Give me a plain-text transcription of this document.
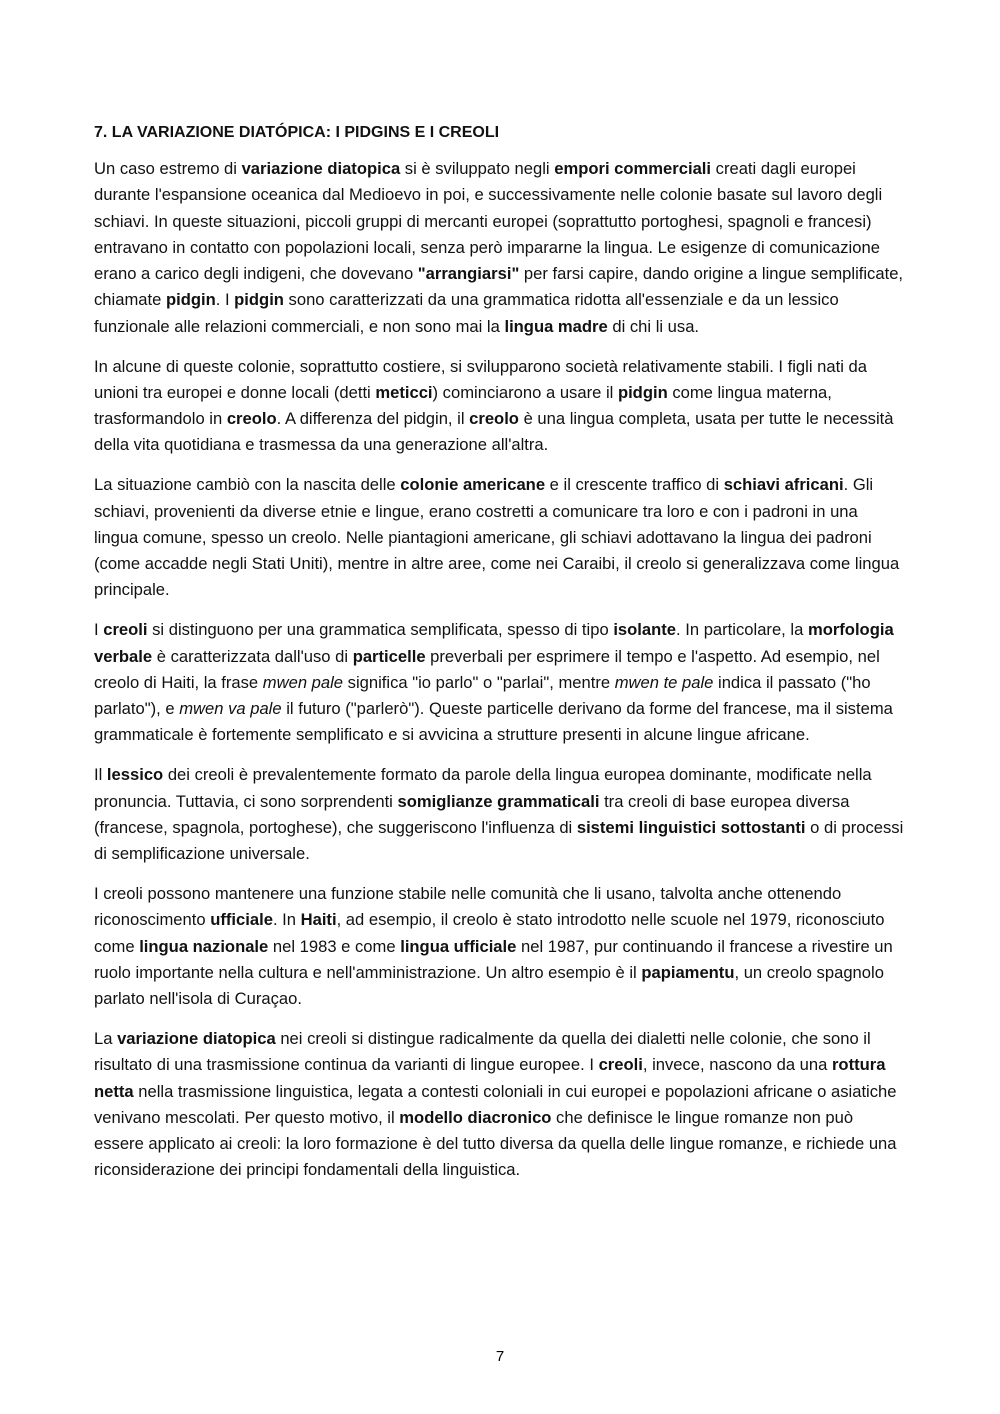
7. LA VARIAZIONE DIATÓPICA: I PIDGINS E I CREOLI
Un caso estremo di variazione diatopica si è sviluppato negli empori commerciali creati dagli europei durante l'espansione oceanica dal Medioevo in poi, e successivamente nelle colonie basate sul lavoro degli schiavi. In queste situazioni, piccoli gruppi di mercanti europei (soprattutto portoghesi, spagnoli e francesi) entravano in contatto con popolazioni locali, senza però impararne la lingua. Le esigenze di comunicazione erano a carico degli indigeni, che dovevano "arrangiarsi" per farsi capire, dando origine a lingue semplificate, chiamate pidgin. I pidgin sono caratterizzati da una grammatica ridotta all'essenziale e da un lessico funzionale alle relazioni commerciali, e non sono mai la lingua madre di chi li usa.
In alcune di queste colonie, soprattutto costiere, si svilupparono società relativamente stabili. I figli nati da unioni tra europei e donne locali (detti meticci) cominciarono a usare il pidgin come lingua materna, trasformandolo in creolo. A differenza del pidgin, il creolo è una lingua completa, usata per tutte le necessità della vita quotidiana e trasmessa da una generazione all'altra.
La situazione cambiò con la nascita delle colonie americane e il crescente traffico di schiavi africani. Gli schiavi, provenienti da diverse etnie e lingue, erano costretti a comunicare tra loro e con i padroni in una lingua comune, spesso un creolo. Nelle piantagioni americane, gli schiavi adottavano la lingua dei padroni (come accadde negli Stati Uniti), mentre in altre aree, come nei Caraibi, il creolo si generalizzava come lingua principale.
I creoli si distinguono per una grammatica semplificata, spesso di tipo isolante. In particolare, la morfologia verbale è caratterizzata dall'uso di particelle preverbali per esprimere il tempo e l'aspetto. Ad esempio, nel creolo di Haiti, la frase mwen pale significa "io parlo" o "parlai", mentre mwen te pale indica il passato ("ho parlato"), e mwen va pale il futuro ("parlerò"). Queste particelle derivano da forme del francese, ma il sistema grammaticale è fortemente semplificato e si avvicina a strutture presenti in alcune lingue africane.
Il lessico dei creoli è prevalentemente formato da parole della lingua europea dominante, modificate nella pronuncia. Tuttavia, ci sono sorprendenti somiglianze grammaticali tra creoli di base europea diversa (francese, spagnola, portoghese), che suggeriscono l'influenza di sistemi linguistici sottostanti o di processi di semplificazione universale.
I creoli possono mantenere una funzione stabile nelle comunità che li usano, talvolta anche ottenendo riconoscimento ufficiale. In Haiti, ad esempio, il creolo è stato introdotto nelle scuole nel 1979, riconosciuto come lingua nazionale nel 1983 e come lingua ufficiale nel 1987, pur continuando il francese a rivestire un ruolo importante nella cultura e nell'amministrazione. Un altro esempio è il papiamentu, un creolo spagnolo parlato nell'isola di Curaçao.
La variazione diatopica nei creoli si distingue radicalmente da quella dei dialetti nelle colonie, che sono il risultato di una trasmissione continua da varianti di lingue europee. I creoli, invece, nascono da una rottura netta nella trasmissione linguistica, legata a contesti coloniali in cui europei e popolazioni africane o asiatiche venivano mescolati. Per questo motivo, il modello diacronico che definisce le lingue romanze non può essere applicato ai creoli: la loro formazione è del tutto diversa da quella delle lingue romanze, e richiede una riconsiderazione dei principi fondamentali della linguistica.
7
